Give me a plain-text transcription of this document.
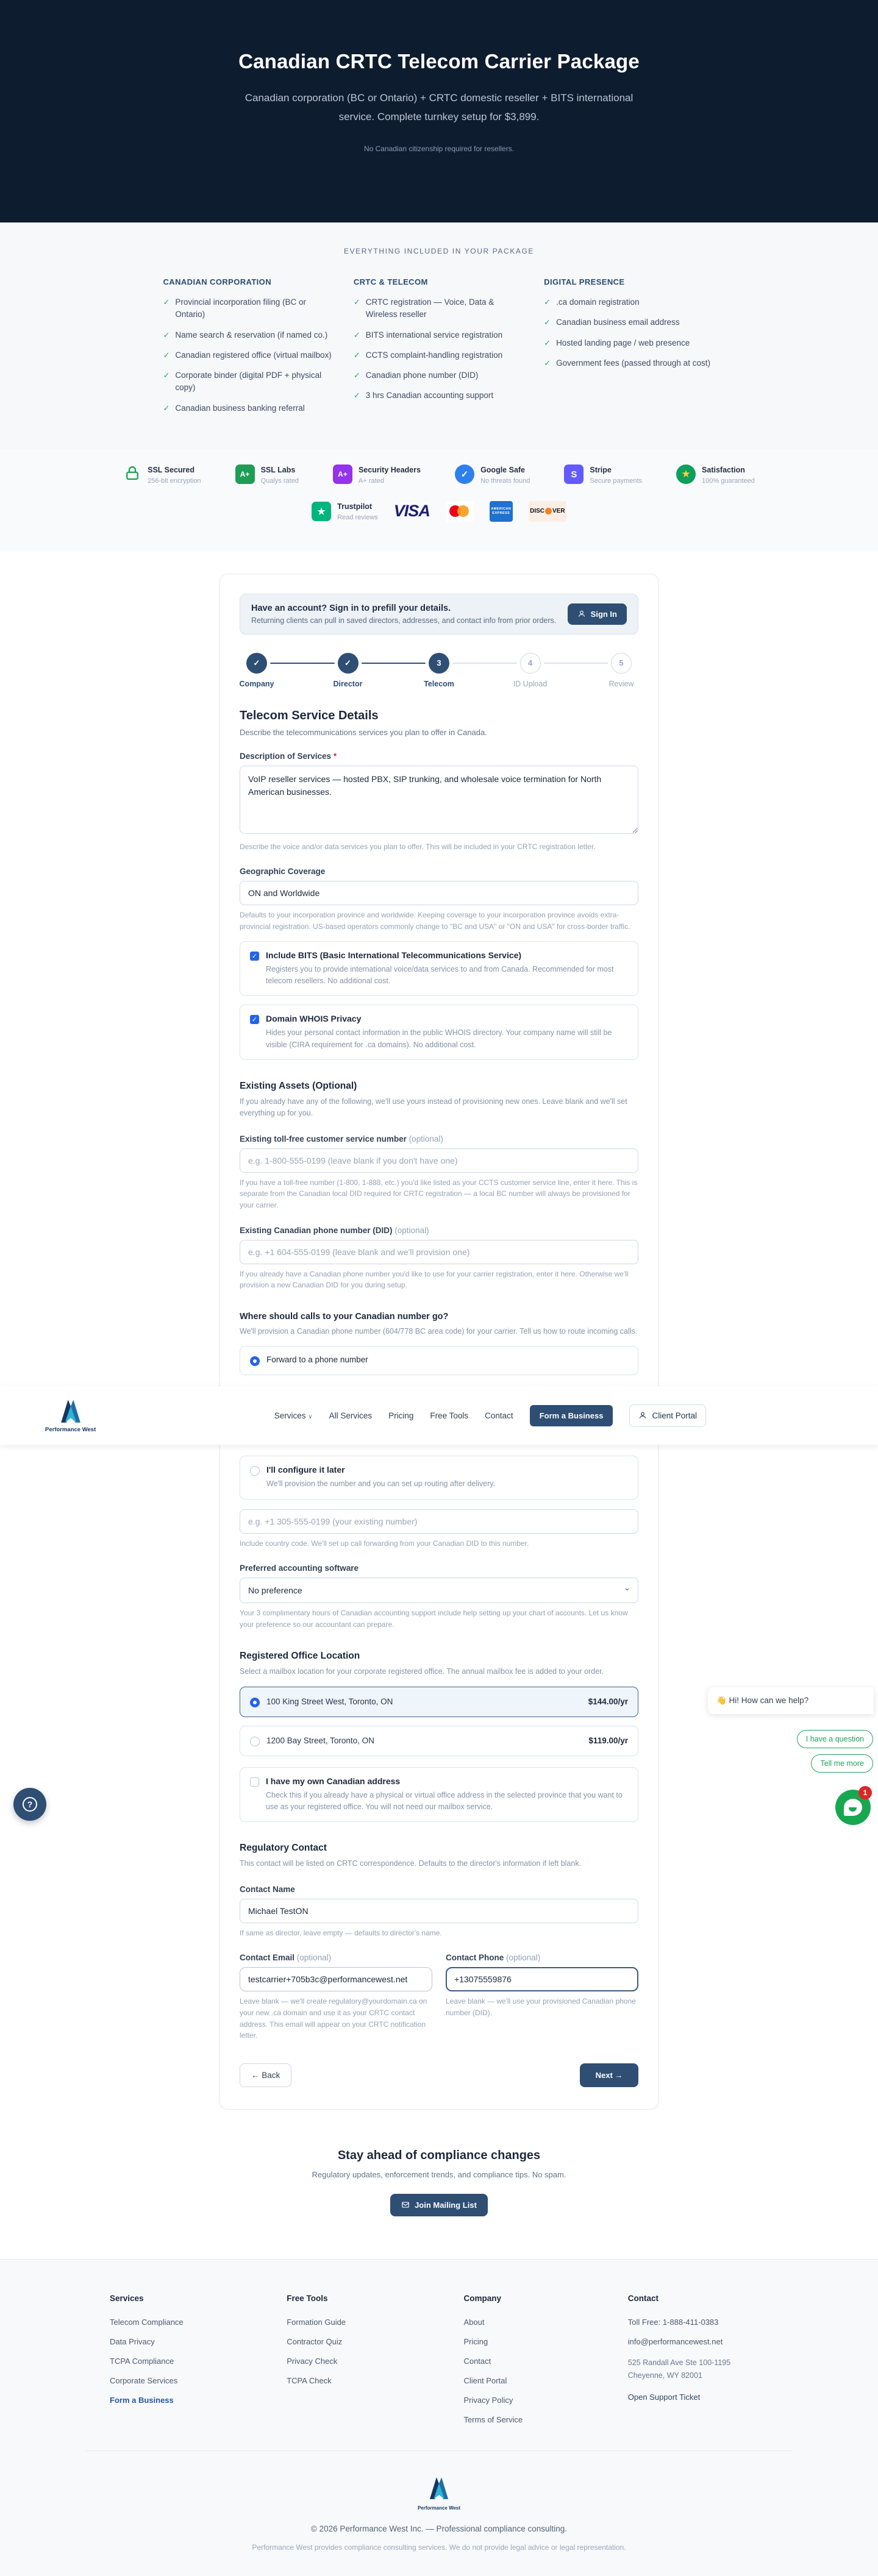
Canadian CRTC Telecom Carrier Package

Canadian corporation (BC or Ontario) + CRTC domestic reseller + BITS international service. Complete turnkey setup for $3,899.

No Canadian citizenship required for resellers.

EVERYTHING INCLUDED IN YOUR PACKAGE
CANADIAN CORPORATION
✓ Provincial incorporation filing (BC or Ontario)
✓ Name search & reservation (if named co.)
✓ Canadian registered office (virtual mailbox)
✓ Corporate binder (digital PDF + physical copy)
✓ Canadian business banking referral
CRTC & TELECOM
✓ CRTC registration — Voice, Data & Wireless reseller
✓ BITS international service registration
✓ CCTS complaint-handling registration
✓ Canadian phone number (DID)
✓ 3 hrs Canadian accounting support
DIGITAL PRESENCE
✓ .ca domain registration
✓ Canadian business email address
✓ Hosted landing page / web presence
✓ Government fees (passed through at cost)
SSL Secured
256-bit encryption
A+
SSL Labs
Qualys rated
A+
Security Headers
A+ rated
✓	Google Safe
No threats found
S	Stripe
Secure payments
★	Satisfaction
100% guaranteed
★	Trustpilot
Read reviews VISA	AMERICAN EXPRESS	DISC VER
Have an account? Sign in to prefill your details.
Returning clients can pull in saved directors, addresses, and contact info from prior orders.
Sign In
✓
Company
✓
Director
3
Telecom
4
ID Upload
5
Review
Telecom Service Details

Describe the telecommunications services you plan to offer in Canada.

Description of Services *
VoIP reseller services — hosted PBX, SIP trunking, and wholesale voice termination for North American businesses.

Describe the voice and/or data services you plan to offer. This will be included in your CRTC registration letter.

Geographic Coverage
ON and Worldwide

Defaults to your incorporation province and worldwide. Keeping coverage to your incorporation province avoids extra-provincial registration. US-based operators commonly change to "BC and USA" or "ON and USA" for cross-border traffic.

✓ Include BITS (Basic International Telecommunications Service)
Registers you to provide international voice/data services to and from Canada. Recommended for most telecom resellers. No additional cost.
✓ Domain WHOIS Privacy
Hides your personal contact information in the public WHOIS directory. Your company name will still be visible (CIRA requirement for .ca domains). No additional cost.
Existing Assets (Optional)

If you already have any of the following, we'll use yours instead of provisioning new ones. Leave blank and we'll set everything up for you.

Existing toll-free customer service number (optional)
e.g. 1-800-555-0199 (leave blank if you don't have one)

If you have a toll-free number (1-800, 1-888, etc.) you'd like listed as your CCTS customer service line, enter it here. This is separate from the Canadian local DID required for CRTC registration — a local BC number will always be provisioned for your carrier.

Existing Canadian phone number (DID) (optional)
e.g. +1 604-555-0199 (leave blank and we'll provision one)

If you already have a Canadian phone number you'd like to use for your carrier registration, enter it here. Otherwise we'll provision a new Canadian DID for you during setup.

Where should calls to your Canadian number go?

We'll provision a Canadian phone number (604/778 BC area code) for your carrier. Tell us how to route incoming calls.

Forward to a phone number
Performance West
Services ∨ All Services Pricing Free Tools Contact	Form a Business	Client Portal
I'll configure it later
We'll provision the number and you can set up routing after delivery.
e.g. +1 305-555-0199 (your existing number)

Include country code. We'll set up call forwarding from your Canadian DID to this number.

Preferred accounting software
No preference	⌄

Your 3 complimentary hours of Canadian accounting support include help setting up your chart of accounts. Let us know your preference so our accountant can prepare.

Registered Office Location

Select a mailbox location for your corporate registered office. The annual mailbox fee is added to your order.

100 King Street West, Toronto, ON	$144.00/yr
1200 Bay Street, Toronto, ON	$119.00/yr
I have my own Canadian address
Check this if you already have a physical or virtual office address in the selected province that you want to use as your registered office. You will not need our mailbox service.
Regulatory Contact

This contact will be listed on CRTC correspondence. Defaults to the director's information if left blank.

Contact Name
Michael TestON

If same as director, leave empty — defaults to director's name.

Contact Email (optional)
testcarrier+705b3c@performancewest.net

Leave blank — we'll create regulatory@yourdomain.ca on your new .ca domain and use it as your CRTC contact address. This email will appear on your CRTC notification letter.

Contact Phone (optional)
+13075559876

Leave blank — we'll use your provisioned Canadian phone number (DID).

← Back	Next →
Stay ahead of compliance changes

Regulatory updates, enforcement trends, and compliance tips. No spam.

Join Mailing List
Services
Telecom Compliance
Data Privacy
TCPA Compliance
Corporate Services
Form a Business
Free Tools
Formation Guide
Contractor Quiz
Privacy Check
TCPA Check
Company
About
Pricing
Contact
Client Portal
Privacy Policy
Terms of Service
Contact
Toll Free: 1-888-411-0383
info@performancewest.net
525 Randall Ave Ste 100-1195
Cheyenne, WY 82001
Open Support Ticket
Performance West
© 2026 Performance West Inc. — Professional compliance consulting.
Performance West provides compliance consulting services. We do not provide legal advice or legal representation.
?
👋 Hi! How can we help?
I have a question
Tell me more
1
